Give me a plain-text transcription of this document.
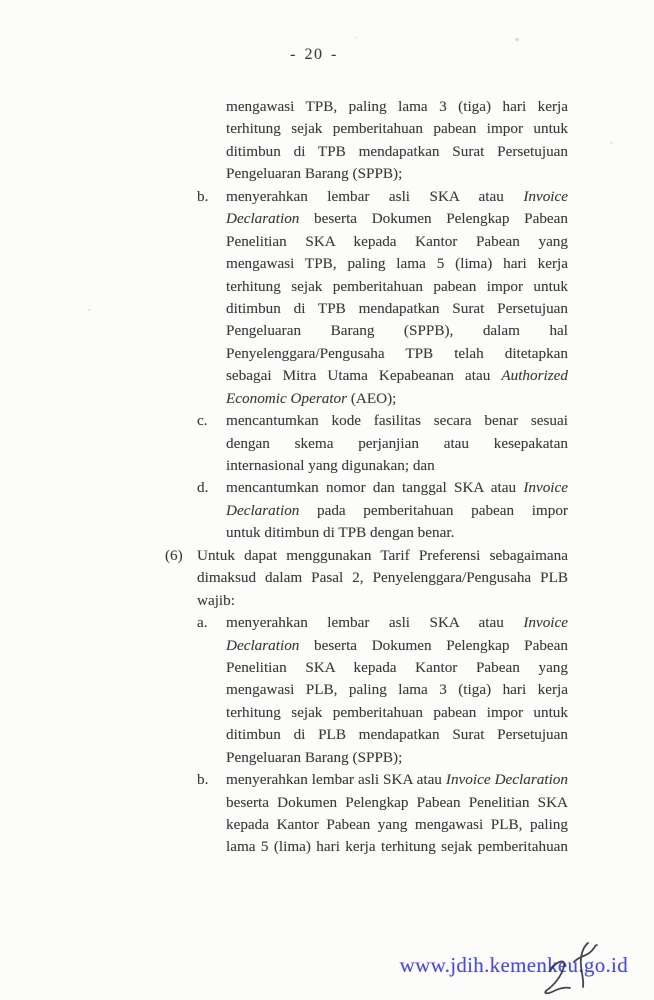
- 20 -
mengawasi TPB, paling lama 3 (tiga) hari kerja
terhitung sejak pemberitahuan pabean impor untuk
ditimbun di TPB mendapatkan Surat Persetujuan
Pengeluaran Barang (SPPB);
b.	menyerahkan lembar asli SKA atau Invoice
Declaration beserta Dokumen Pelengkap Pabean
Penelitian SKA kepada Kantor Pabean yang
mengawasi TPB, paling lama 5 (lima) hari kerja
terhitung sejak pemberitahuan pabean impor untuk
ditimbun di TPB mendapatkan Surat Persetujuan
Pengeluaran Barang (SPPB), dalam hal
Penyelenggara/Pengusaha TPB telah ditetapkan
sebagai Mitra Utama Kepabeanan atau Authorized
Economic Operator (AEO);
c.	mencantumkan kode fasilitas secara benar sesuai
dengan skema perjanjian atau kesepakatan
internasional yang digunakan; dan
d.	mencantumkan nomor dan tanggal SKA atau Invoice
Declaration pada pemberitahuan pabean impor
untuk ditimbun di TPB dengan benar.
(6) Untuk dapat menggunakan Tarif Preferensi sebagaimana
dimaksud dalam Pasal 2, Penyelenggara/Pengusaha PLB
wajib:
a.	menyerahkan lembar asli SKA atau Invoice
Declaration beserta Dokumen Pelengkap Pabean
Penelitian SKA kepada Kantor Pabean yang
mengawasi PLB, paling lama 3 (tiga) hari kerja
terhitung sejak pemberitahuan pabean impor untuk
ditimbun di PLB mendapatkan Surat Persetujuan
Pengeluaran Barang (SPPB);
b.	menyerahkan lembar asli SKA atau Invoice Declaration
beserta Dokumen Pelengkap Pabean Penelitian SKA
kepada Kantor Pabean yang mengawasi PLB, paling
lama 5 (lima) hari kerja terhitung sejak pemberitahuan
www.jdih.kemenkeu.go.id
